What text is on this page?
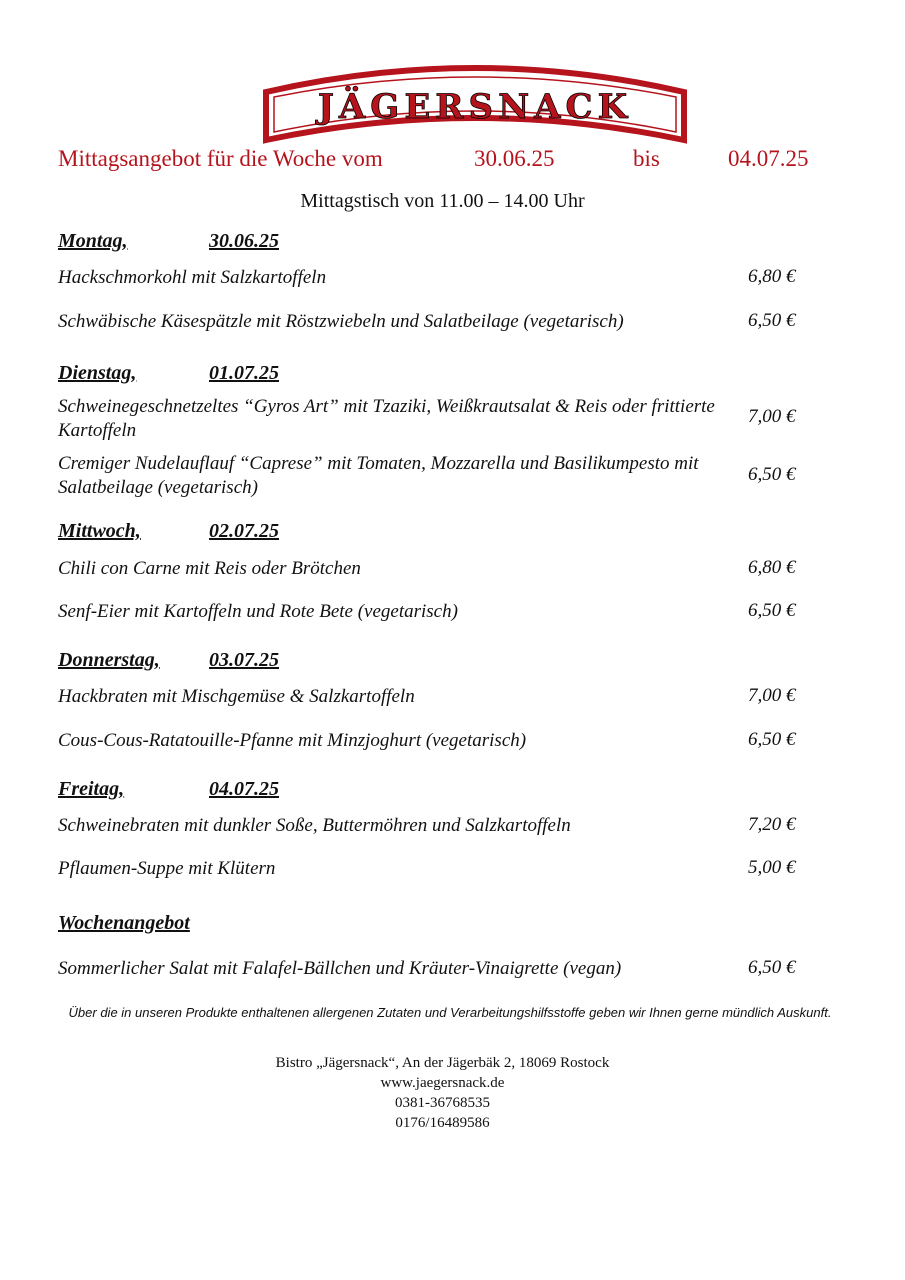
JÄGERSNACK
Mittagsangebot für die Woche vom	30.06.25	bis	04.07.25
Mittagstisch von 11.00 – 14.00 Uhr
Montag,	30.06.25
Hackschmorkohl mit Salzkartoffeln	6,80 €
Schwäbische Käsespätzle mit Röstzwiebeln und Salatbeilage (vegetarisch)	6,50 €
Dienstag,	01.07.25
Schweinegeschnetzeltes “Gyros Art” mit Tzaziki, Weißkrautsalat & Reis oder frittierte Kartoffeln
7,00 €
Cremiger Nudelauflauf “Caprese” mit Tomaten, Mozzarella und Basilikumpesto mit Salatbeilage (vegetarisch)
6,50 €
Mittwoch,	02.07.25
Chili con Carne mit Reis oder Brötchen	6,80 €
Senf-Eier mit Kartoffeln und Rote Bete (vegetarisch)	6,50 €
Donnerstag, 03.07.25
Hackbraten mit Mischgemüse & Salzkartoffeln	7,00 €
Cous-Cous-Ratatouille-Pfanne mit Minzjoghurt (vegetarisch)	6,50 €
Freitag,	04.07.25
Schweinebraten mit dunkler Soße, Buttermöhren und Salzkartoffeln	7,20 €
Pflaumen-Suppe mit Klütern	5,00 €
Wochenangebot
Sommerlicher Salat mit Falafel-Bällchen und Kräuter-Vinaigrette (vegan)	6,50 €
Über die in unseren Produkte enthaltenen allergenen Zutaten und Verarbeitungshilfsstoffe geben wir Ihnen gerne mündlich Auskunft.
Bistro „Jägersnack“, An der Jägerbäk 2, 18069 Rostock
www.jaegersnack.de
0381-36768535
0176/16489586
